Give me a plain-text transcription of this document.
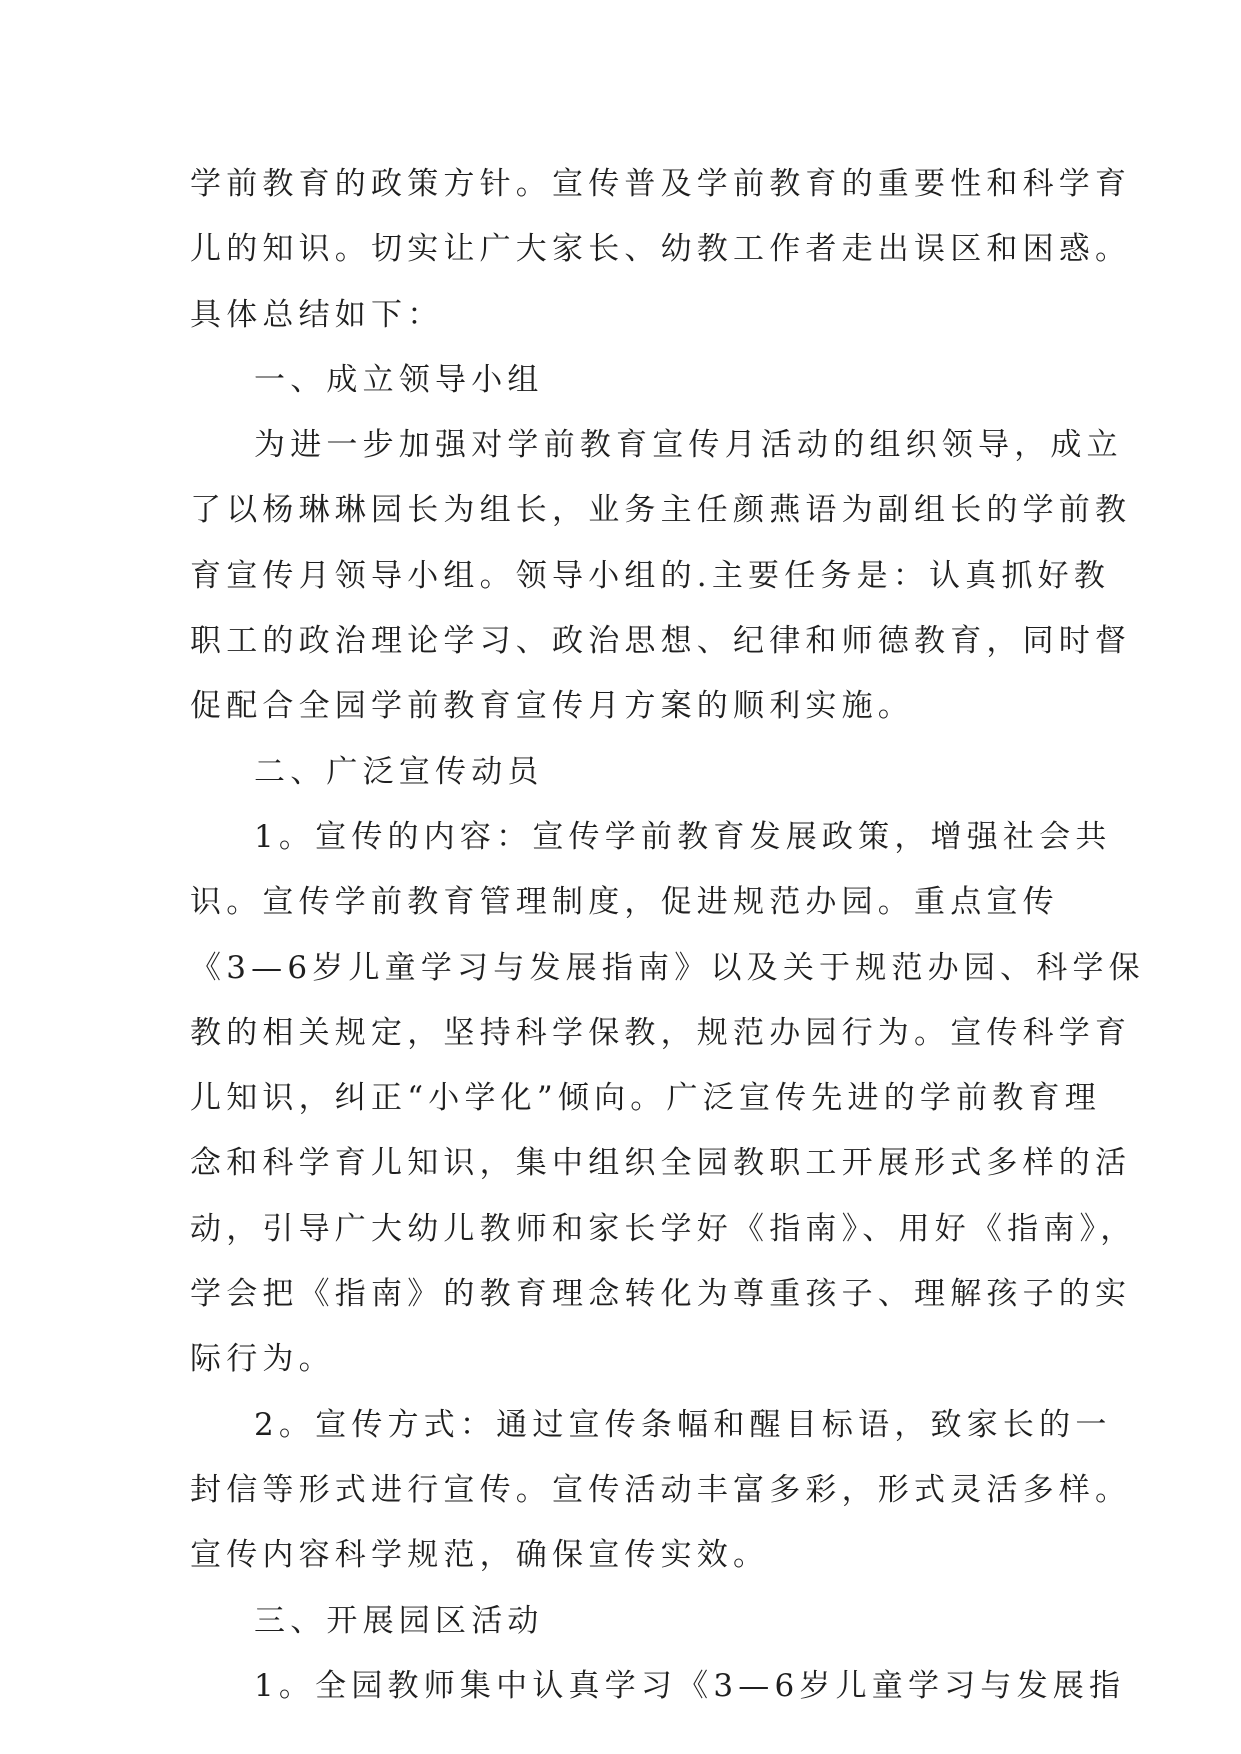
学前教育的政策方针。宣传普及学前教育的重要性和科学育
儿的知识。切实让广大家长、幼教工作者走出误区和困惑。
具体总结如下：
一、成立领导小组
为进一步加强对学前教育宣传月活动的组织领导，成立
了以杨琳琳园长为组长，业务主任颜燕语为副组长的学前教
育宣传月领导小组。领导小组的.主要任务是：认真抓好教
职工的政治理论学习、政治思想、纪律和师德教育，同时督
促配合全园学前教育宣传月方案的顺利实施。
二、广泛宣传动员
1。宣传的内容：宣传学前教育发展政策，增强社会共
识。宣传学前教育管理制度，促进规范办园。重点宣传
《3—6岁儿童学习与发展指南》以及关于规范办园、科学保
教的相关规定，坚持科学保教，规范办园行为。宣传科学育
儿知识，纠正“小学化”倾向。广泛宣传先进的学前教育理
念和科学育儿知识，集中组织全园教职工开展形式多样的活
动，引导广大幼儿教师和家长学好《指南》、用好《指南》，
学会把《指南》的教育理念转化为尊重孩子、理解孩子的实
际行为。
2。宣传方式：通过宣传条幅和醒目标语，致家长的一
封信等形式进行宣传。宣传活动丰富多彩，形式灵活多样。
宣传内容科学规范，确保宣传实效。
三、开展园区活动
1。全园教师集中认真学习《3—6岁儿童学习与发展指
